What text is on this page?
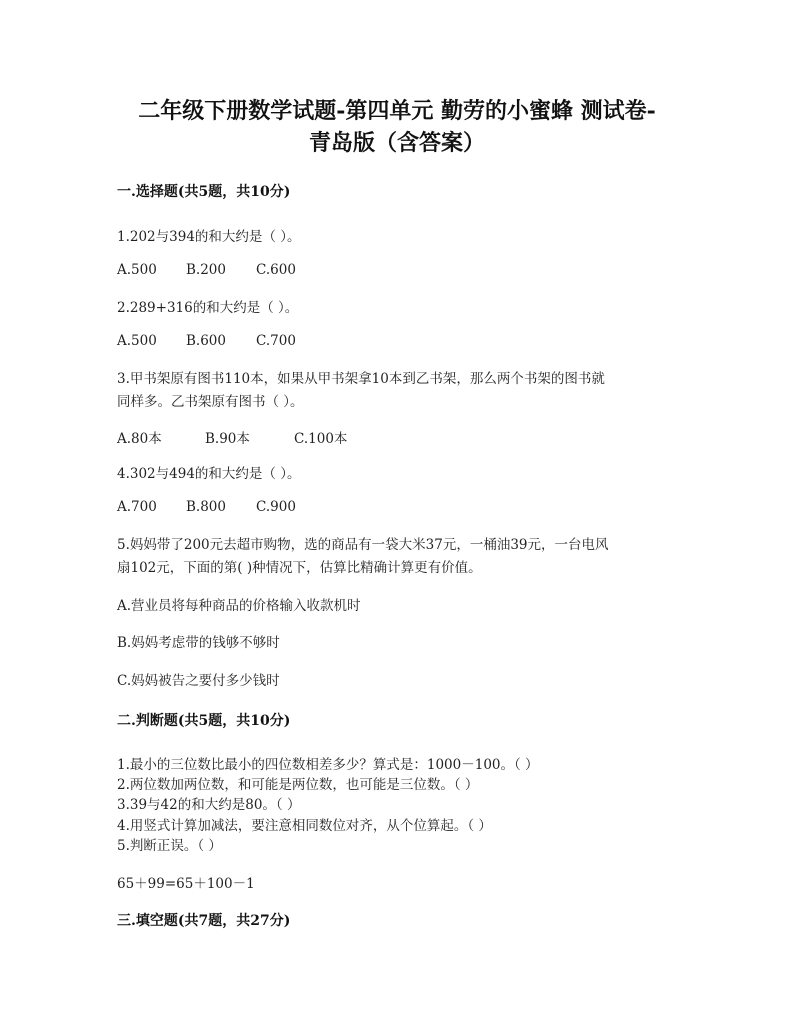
二年级下册数学试题-第四单元 勤劳的小蜜蜂 测试卷-
青岛版（含答案）
一.选择题(共5题，共10分)
1.202与394的和大约是（ ）。
A.500 B.200 C.600
2.289+316的和大约是（ ）。
A.500 B.600 C.700
3.甲书架原有图书110本，如果从甲书架拿10本到乙书架，那么两个书架的图书就
同样多。乙书架原有图书（ ）。
A.80本	B.90本	C.100本
4.302与494的和大约是（ ）。
A.700 B.800 C.900
5.妈妈带了200元去超市购物，选的商品有一袋大米37元，一桶油39元，一台电风
扇102元，下面的第( )种情况下，估算比精确计算更有价值。
A.营业员将每种商品的价格输入收款机时
B.妈妈考虑带的钱够不够时
C.妈妈被告之要付多少钱时
二.判断题(共5题，共10分)
1.最小的三位数比最小的四位数相差多少？算式是：1000－100。（ ）
2.两位数加两位数，和可能是两位数，也可能是三位数。（ ）
3.39与42的和大约是80。（ ）
4.用竖式计算加减法，要注意相同数位对齐，从个位算起。（ ）
5.判断正误。（ ）
65＋99=65＋100－1
三.填空题(共7题，共27分)
